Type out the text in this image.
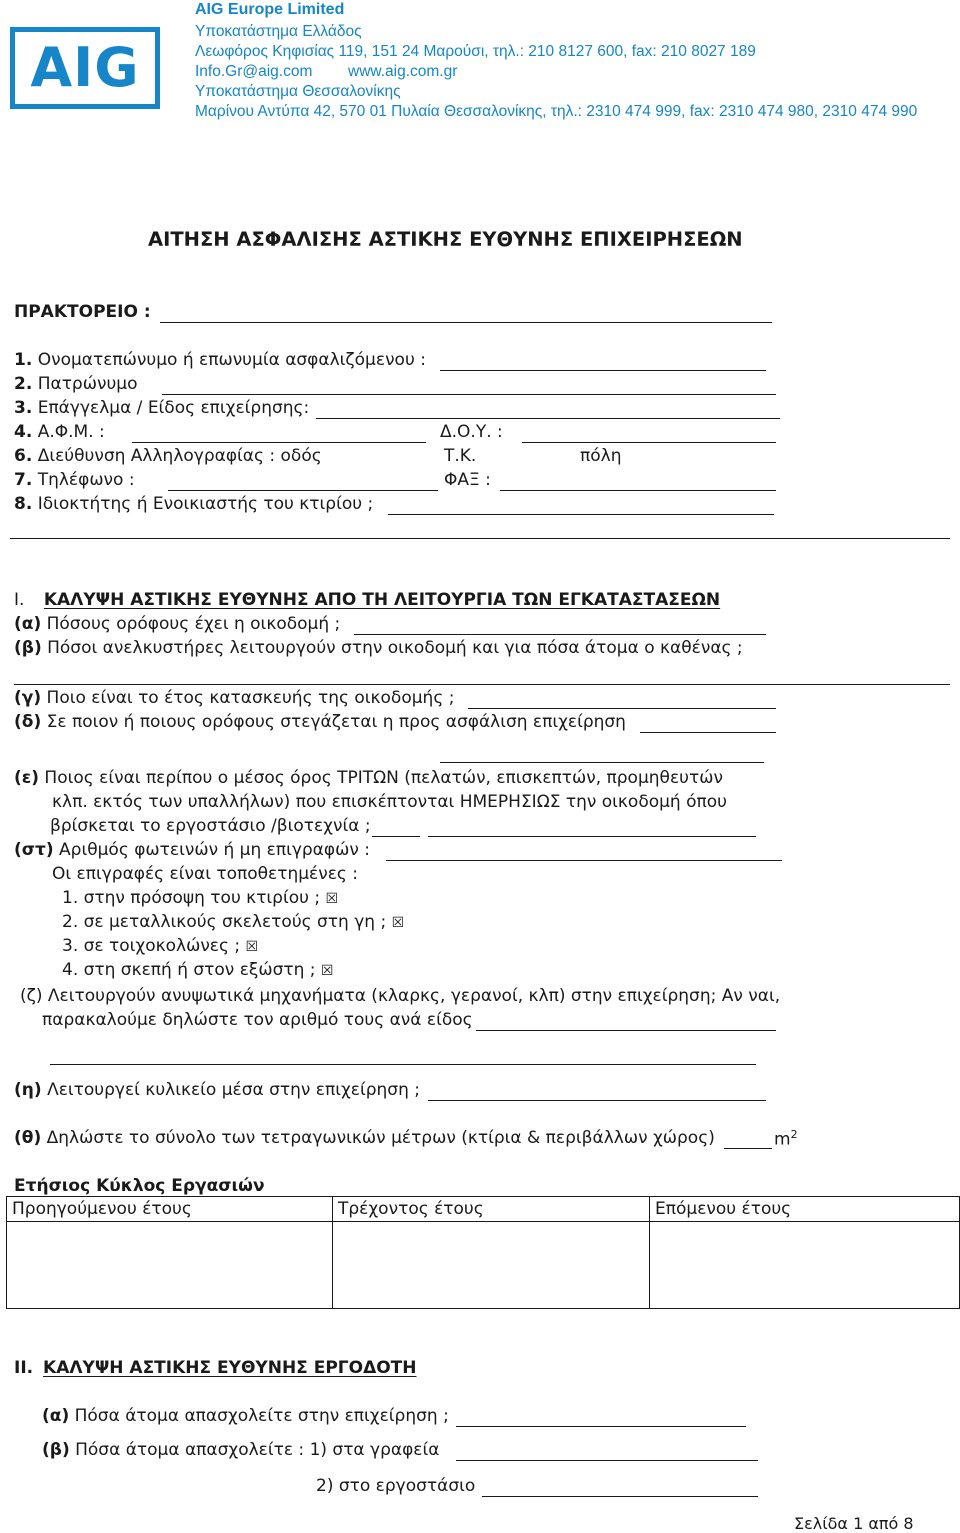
AIG
AIG Europe Limited
Υποκατάστημα Ελλάδος
Λεωφόρος Κηφισίας 119, 151 24 Μαρούσι, τηλ.: 210 8127 600, fax: 210 8027 189
Info.Gr@aig.com www.aig.com.gr
Υποκατάστημα Θεσσαλονίκης
Μαρίνου Αντύπα 42, 570 01 Πυλαία Θεσσαλονίκης, τηλ.: 2310 474 999, fax: 2310 474 980, 2310 474 990
ΑΙΤΗΣΗ ΑΣΦΑΛΙΣΗΣ ΑΣΤΙΚΗΣ ΕΥΘΥΝΗΣ ΕΠΙΧΕΙΡΗΣΕΩΝ
ΠΡΑΚΤΟΡΕΙΟ :
1. Ονοματεπώνυμο ή επωνυμία ασφαλιζόμενου :
2. Πατρώνυμο
3. Επάγγελμα / Είδος επιχείρησης:
4. Α.Φ.Μ. :	Δ.Ο.Υ. :
6. Διεύθυνση Αλληλογραφίας : οδός	Τ.Κ.	πόλη
7. Τηλέφωνο :	ΦΑΞ :
8. Ιδιοκτήτης ή Ενοικιαστής του κτιρίου ;
I. ΚΑΛΥΨΗ ΑΣΤΙΚΗΣ ΕΥΘΥΝΗΣ ΑΠΟ ΤΗ ΛΕΙΤΟΥΡΓΙΑ ΤΩΝ ΕΓΚΑΤΑΣΤΑΣΕΩΝ
(α) Πόσους ορόφους έχει η οικοδομή ;
(β) Πόσοι ανελκυστήρες λειτουργούν στην οικοδομή και για πόσα άτομα ο καθένας ;
(γ) Ποιο είναι το έτος κατασκευής της οικοδομής ;
(δ) Σε ποιον ή ποιους ορόφους στεγάζεται η προς ασφάλιση επιχείρηση
(ε) Ποιος είναι περίπου ο μέσος όρος ΤΡΙΤΩΝ (πελατών, επισκεπτών, προμηθευτών
κλπ. εκτός των υπαλλήλων) που επισκέπτονται ΗΜΕΡΗΣΙΩΣ την οικοδομή όπου
βρίσκεται το εργοστάσιο /βιοτεχνία ;
(στ) Αριθμός φωτεινών ή μη επιγραφών :
Οι επιγραφές είναι τοποθετημένες :
1. στην πρόσοψη του κτιρίου ; ☒
2. σε μεταλλικούς σκελετούς στη γη ; ☒
3. σε τοιχοκολώνες ; ☒
4. στη σκεπή ή στον εξώστη ; ☒
(ζ) Λειτουργούν ανυψωτικά μηχανήματα (κλαρκς, γερανοί, κλπ) στην επιχείρηση; Αν ναι,
παρακαλούμε δηλώστε τον αριθμό τους ανά είδος
(η) Λειτουργεί κυλικείο μέσα στην επιχείρηση ;
(θ) Δηλώστε το σύνολο των τετραγωνικών μέτρων (κτίρια & περιβάλλων χώρος)	$m^2$
Ετήσιος Κύκλος Εργασιών
Προηγούμενου έτους	Τρέχοντος έτους	Επόμενου έτους

II. ΚΑΛΥΨΗ ΑΣΤΙΚΗΣ ΕΥΘΥΝΗΣ ΕΡΓΟΔΟΤΗ
(α) Πόσα άτομα απασχολείτε στην επιχείρηση ;
(β) Πόσα άτομα απασχολείτε : 1) στα γραφεία
2) στο εργοστάσιο
Σελίδα 1 από 8
